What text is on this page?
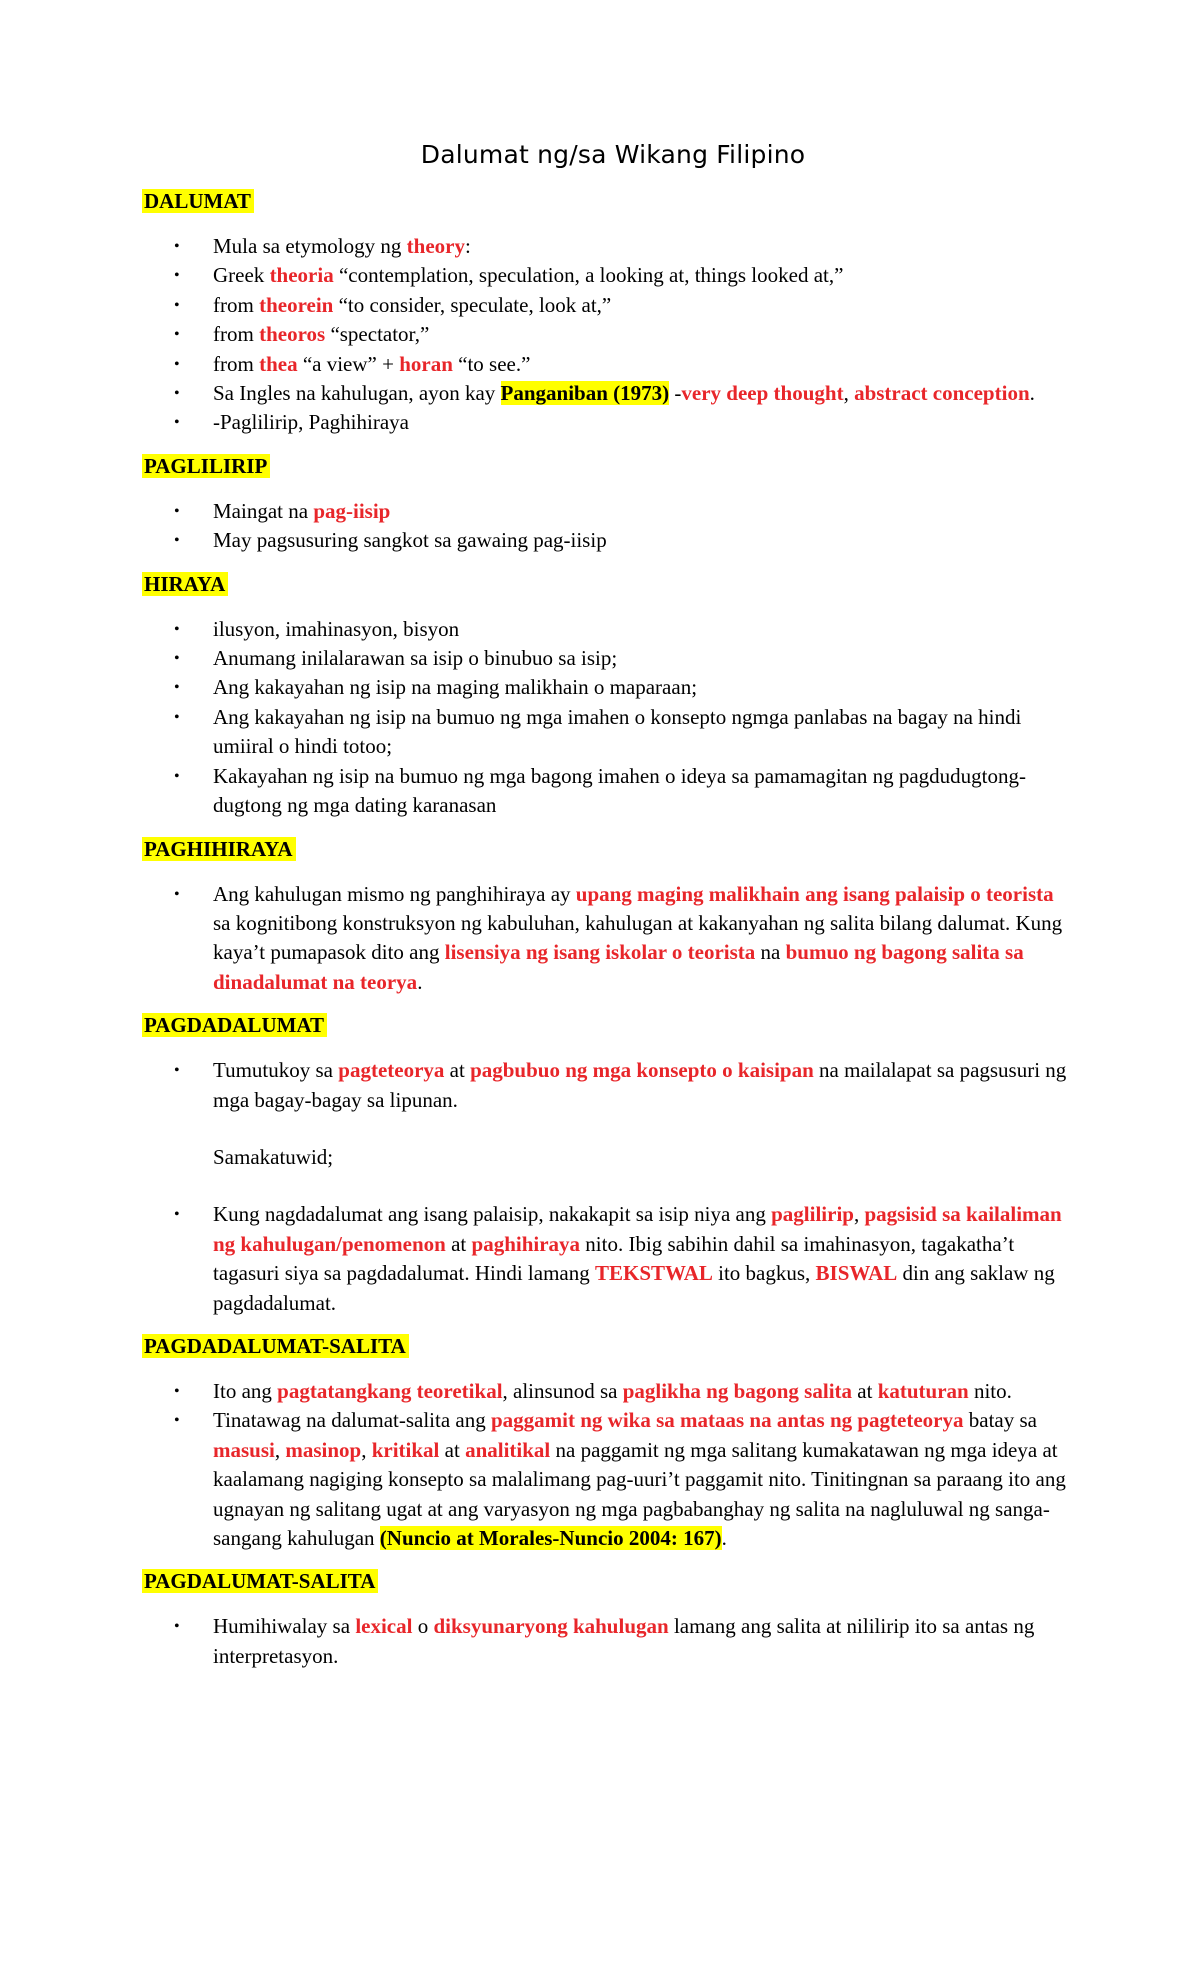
Dalumat ng/sa Wikang Filipino
DALUMAT
• Mula sa etymology ng theory:
• Greek theoria “contemplation, speculation, a looking at, things looked at,”
• from theorein “to consider, speculate, look at,”
• from theoros “spectator,”
• from thea “a view” + horan “to see.”
• Sa Ingles na kahulugan, ayon kay Panganiban (1973) -very deep thought, abstract conception.
• -Paglilirip, Paghihiraya
PAGLILIRIP
• Maingat na pag-iisip
• May pagsusuring sangkot sa gawaing pag-iisip
HIRAYA
• ilusyon, imahinasyon, bisyon
• Anumang inilalarawan sa isip o binubuo sa isip;
• Ang kakayahan ng isip na maging malikhain o maparaan;
• Ang kakayahan ng isip na bumuo ng mga imahen o konsepto ngmga panlabas na bagay na hindi umiiral o hindi totoo;
• Kakayahan ng isip na bumuo ng mga bagong imahen o ideya sa pamamagitan ng pagdudugtong-dugtong ng mga dating karanasan
PAGHIHIRAYA
• Ang kahulugan mismo ng panghihiraya ay upang maging malikhain ang isang palaisip o teorista sa kognitibong konstruksyon ng kabuluhan, kahulugan at kakanyahan ng salita bilang dalumat. Kung kaya’t pumapasok dito ang lisensiya ng isang iskolar o teorista na bumuo ng bagong salita sa dinadalumat na teorya.
PAGDADALUMAT
• Tumutukoy sa pagteteorya at pagbubuo ng mga konsepto o kaisipan na mailalapat sa pagsusuri ng mga bagay-bagay sa lipunan.
Samakatuwid;
• Kung nagdadalumat ang isang palaisip, nakakapit sa isip niya ang paglilirip, pagsisid sa kailaliman ng kahulugan/penomenon at paghihiraya nito. Ibig sabihin dahil sa imahinasyon, tagakatha’t tagasuri siya sa pagdadalumat. Hindi lamang TEKSTWAL ito bagkus, BISWAL din ang saklaw ng pagdadalumat.
PAGDADALUMAT-SALITA
• Ito ang pagtatangkang teoretikal, alinsunod sa paglikha ng bagong salita at katuturan nito.
• Tinatawag na dalumat-salita ang paggamit ng wika sa mataas na antas ng pagteteorya batay sa masusi, masinop, kritikal at analitikal na paggamit ng mga salitang kumakatawan ng mga ideya at kaalamang nagiging konsepto sa malalimang pag-uuri’t paggamit nito. Tinitingnan sa paraang ito ang ugnayan ng salitang ugat at ang varyasyon ng mga pagbabanghay ng salita na nagluluwal ng sanga-sangang kahulugan (Nuncio at Morales-Nuncio 2004: 167).
PAGDALUMAT-SALITA
• Humihiwalay sa lexical o diksyunaryong kahulugan lamang ang salita at nililirip ito sa antas ng interpretasyon.
